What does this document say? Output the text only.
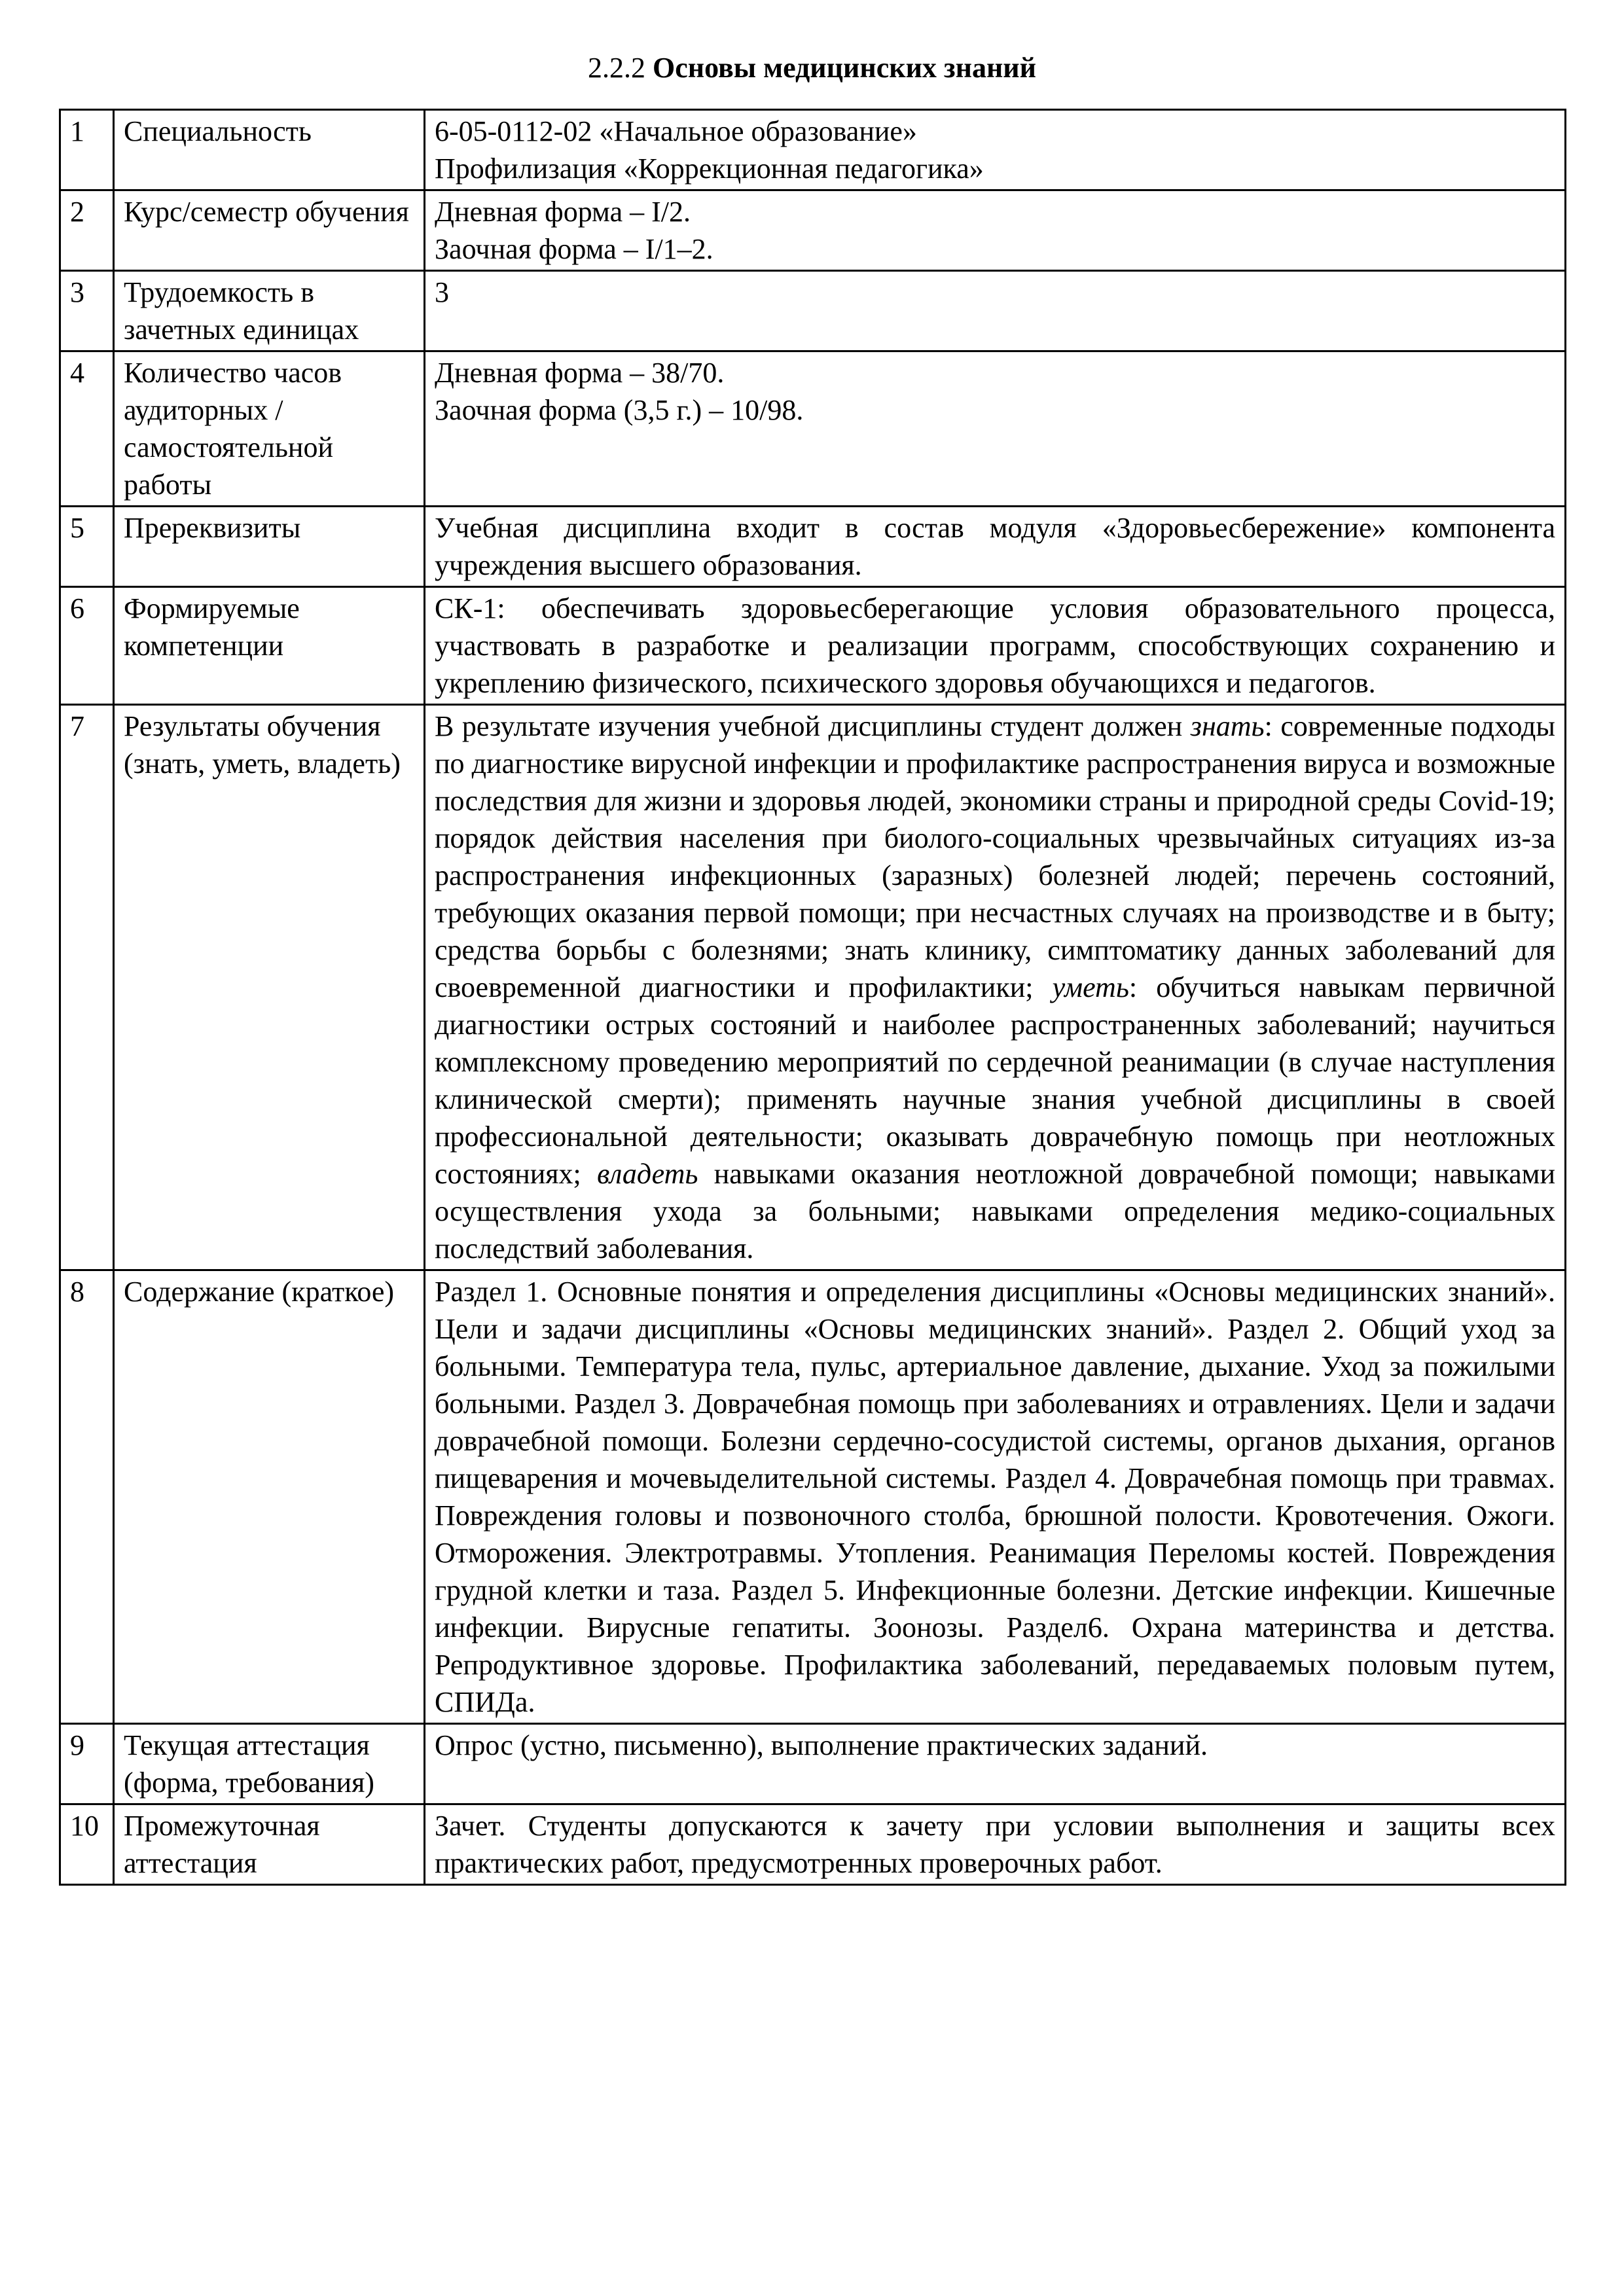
2.2.2 Основы медицинских знаний
1	Специальность	6-05-0112-02 «Начальное образование»
Профилизация «Коррекционная педагогика»

2	Курс/семестр обучения	Дневная форма – I/2.
Заочная форма – I/1–2.

3	Трудоемкость в зачетных единицах	3
4	Количество часов аудиторных / самостоятельной работы	Дневная форма – 38/70.
Заочная форма (3,5 г.) – 10/98.

5	Пререквизиты	Учебная дисциплина входит в состав модуля «Здоровьесбережение» компонента учреждения высшего образования.
6	Формируемые компетенции	СК-1: обеспечивать здоровьесберегающие условия образовательного процесса, участвовать в разработке и реализации программ, способствующих сохранению и укреплению физического, психического здоровья обучающихся и педагогов.
7	Результаты обучения (знать, уметь, владеть)	В результате изучения учебной дисциплины студент должен знать: современные подходы по диагностике вирусной инфекции и профилактике распространения вируса и возможные последствия для жизни и здоровья людей, экономики страны и природной среды Covid-19; порядок действия населения при биолого-социальных чрезвычайных ситуациях из-за распространения инфекционных (заразных) болезней людей; перечень состояний, требующих оказания первой помощи; при несчастных случаях на производстве и в быту; средства борьбы с болезнями; знать клинику, симптоматику данных заболеваний для своевременной диагностики и профилактики; уметь: обучиться навыкам первичной диагностики острых состояний и наиболее распространенных заболеваний; научиться комплексному проведению мероприятий по сердечной реанимации (в случае наступления клинической смерти); применять научные знания учебной дисциплины в своей профессиональной деятельности; оказывать доврачебную помощь при неотложных состояниях; владеть навыками оказания неотложной доврачебной помощи; навыками осуществления ухода за больными; навыками определения медико-социальных последствий заболевания.
8	Содержание (краткое)	Раздел 1. Основные понятия и определения дисциплины «Основы медицинских знаний». Цели и задачи дисциплины «Основы медицинских знаний». Раздел 2. Общий уход за больными. Температура тела, пульс, артериальное давление, дыхание. Уход за пожилыми больными. Раздел 3. Доврачебная помощь при заболеваниях и отравлениях. Цели и задачи доврачебной помощи. Болезни сердечно-сосудистой системы, органов дыхания, органов пищеварения и мочевыделительной системы. Раздел 4. Доврачебная помощь при травмах. Повреждения головы и позвоночного столба, брюшной полости. Кровотечения. Ожоги. Отморожения. Электротравмы. Утопления. Реанимация Переломы костей. Повреждения грудной клетки и таза. Раздел 5. Инфекционные болезни. Детские инфекции. Кишечные инфекции. Вирусные гепатиты. Зоонозы. Раздел6. Охрана материнства и детства. Репродуктивное здоровье. Профилактика заболеваний, передаваемых половым путем, СПИДа.
9	Текущая аттестация (форма, требования)	Опрос (устно, письменно), выполнение практических заданий.
10	Промежуточная аттестация	Зачет. Студенты допускаются к зачету при условии выполнения и защиты всех практических работ, предусмотренных проверочных работ.
